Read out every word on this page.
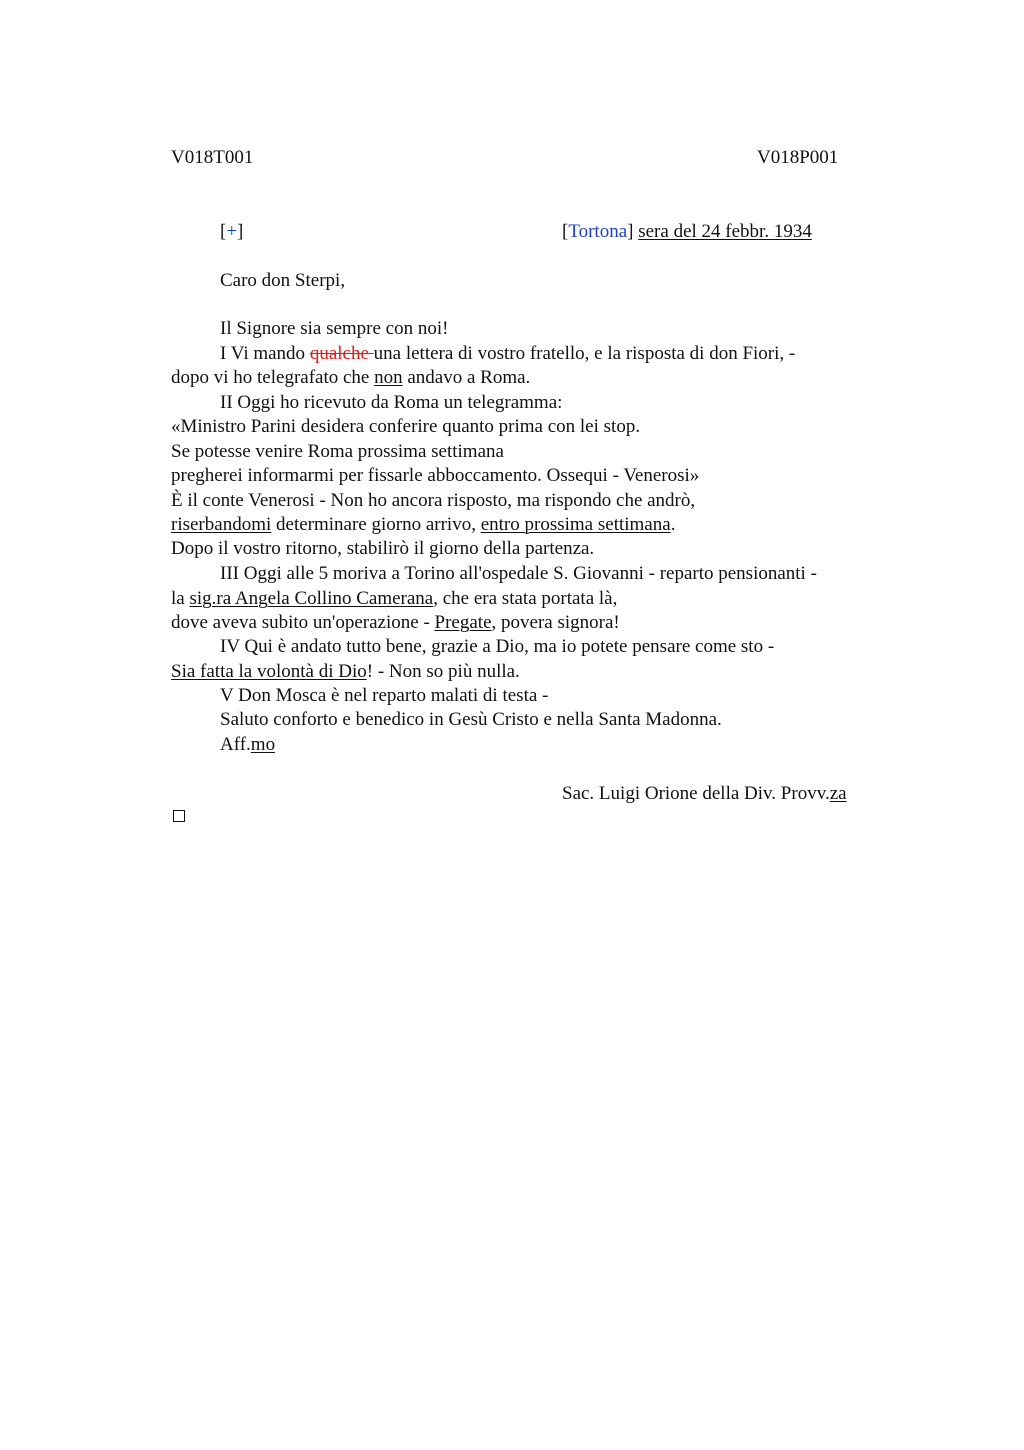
V018T001	V018P001
[+]	[Tortona] sera del 24 febbr. 1934
Caro don Sterpi,
Il Signore sia sempre con noi!
I Vi mando qualche una lettera di vostro fratello, e la risposta di don Fiori, -
dopo vi ho telegrafato che non andavo a Roma.
II Oggi ho ricevuto da Roma un telegramma:
«Ministro Parini desidera conferire quanto prima con lei stop.
Se potesse venire Roma prossima settimana
pregherei informarmi per fissarle abboccamento. Ossequi - Venerosi»
È il conte Venerosi - Non ho ancora risposto, ma rispondo che andrò,
riserbandomi determinare giorno arrivo, entro prossima settimana.
Dopo il vostro ritorno, stabilirò il giorno della partenza.
III Oggi alle 5 moriva a Torino all'ospedale S. Giovanni - reparto pensionanti -
la sig.ra Angela Collino Camerana, che era stata portata là,
dove aveva subito un'operazione - Pregate, povera signora!
IV Qui è andato tutto bene, grazie a Dio, ma io potete pensare come sto -
Sia fatta la volontà di Dio! - Non so più nulla.
V Don Mosca è nel reparto malati di testa -
Saluto conforto e benedico in Gesù Cristo e nella Santa Madonna.
Aff.mo
Sac. Luigi Orione della Div. Provv.za
